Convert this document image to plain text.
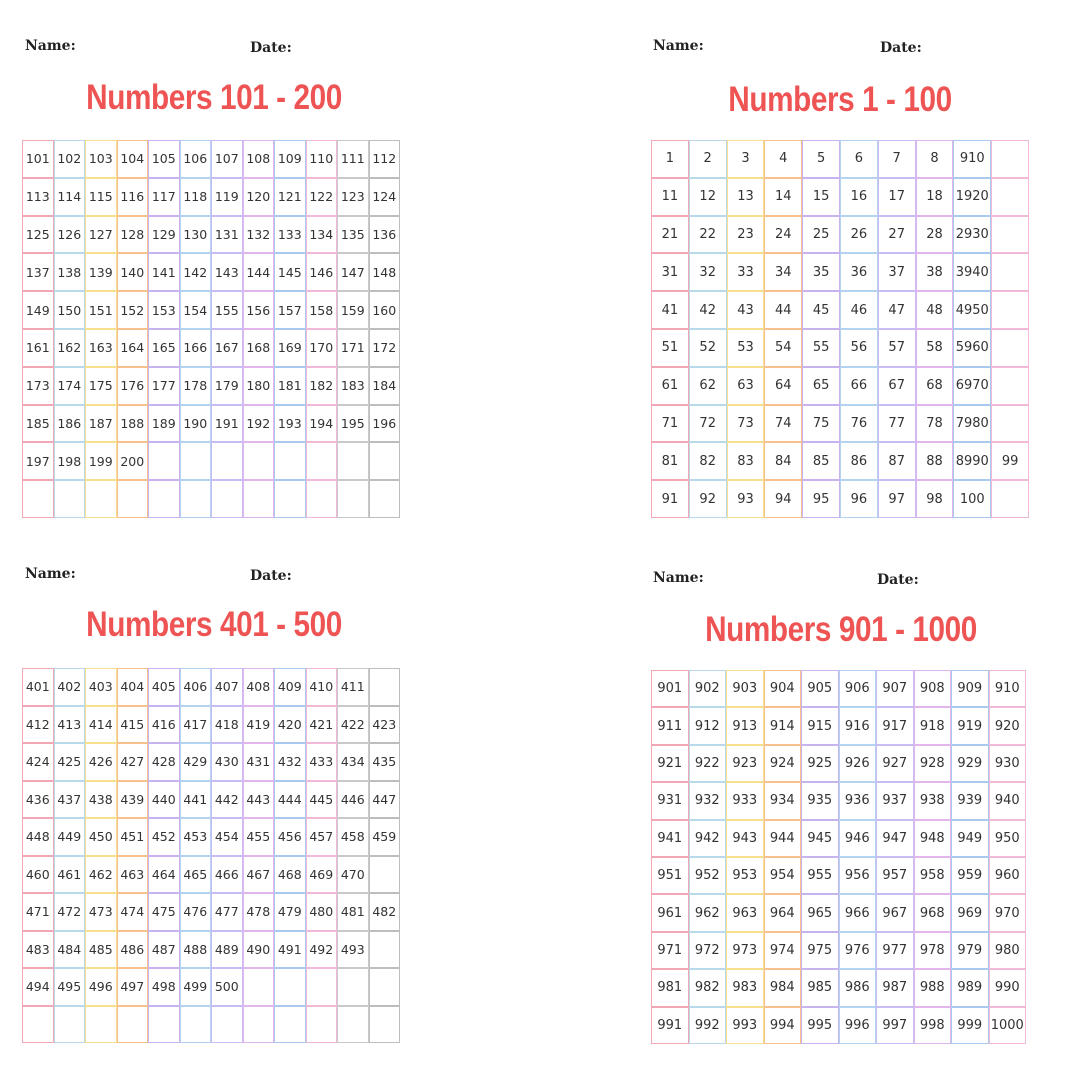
Name:	Date:
Numbers 101 - 200
101 102 103 104 105 106 107 108 109 110 111 112
113 114 115 116 117 118 119 120 121 122 123 124
125 126 127 128 129 130 131 132 133 134 135 136
137 138 139 140 141 142 143 144 145 146 147 148
149 150 151 152 153 154 155 156 157 158 159 160
161 162 163 164 165 166 167 168 169 170 171 172
173 174 175 176 177 178 179 180 181 182 183 184
185 186 187 188 189 190 191 192 193 194 195 196
197 198 199 200
Name:	Date:
Numbers 1 - 100
1	2	3	4	5	6	7	8	910
11	12	13	14	15	16	17	18 1920
21	22	23	24	25	26	27	28 2930
31	32	33	34	35	36	37	38 3940
41	42	43	44	45	46	47	48 4950
51	52	53	54	55	56	57	58 5960
61	62	63	64	65	66	67	68 6970
71	72	73	74	75	76	77	78 7980
81	82	83	84	85	86	87	88 8990 99
91	92	93	94	95	96	97	98	100
Name:	Date:
Numbers 401 - 500
401 402 403 404 405 406 407 408 409 410 411
412 413 414 415 416 417 418 419 420 421 422 423
424 425 426 427 428 429 430 431 432 433 434 435
436 437 438 439 440 441 442 443 444 445 446 447
448 449 450 451 452 453 454 455 456 457 458 459
460 461 462 463 464 465 466 467 468 469 470
471 472 473 474 475 476 477 478 479 480 481 482
483 484 485 486 487 488 489 490 491 492 493
494 495 496 497 498 499 500
Name:	Date:
Numbers 901 - 1000
901 902 903 904 905 906 907 908 909 910
911 912 913 914 915 916 917 918 919 920
921 922 923 924 925 926 927 928 929 930
931 932 933 934 935 936 937 938 939 940
941 942 943 944 945 946 947 948 949 950
951 952 953 954 955 956 957 958 959 960
961 962 963 964 965 966 967 968 969 970
971 972 973 974 975 976 977 978 979 980
981 982 983 984 985 986 987 988 989 990
991 992 993 994 995 996 997 998 999 1000
